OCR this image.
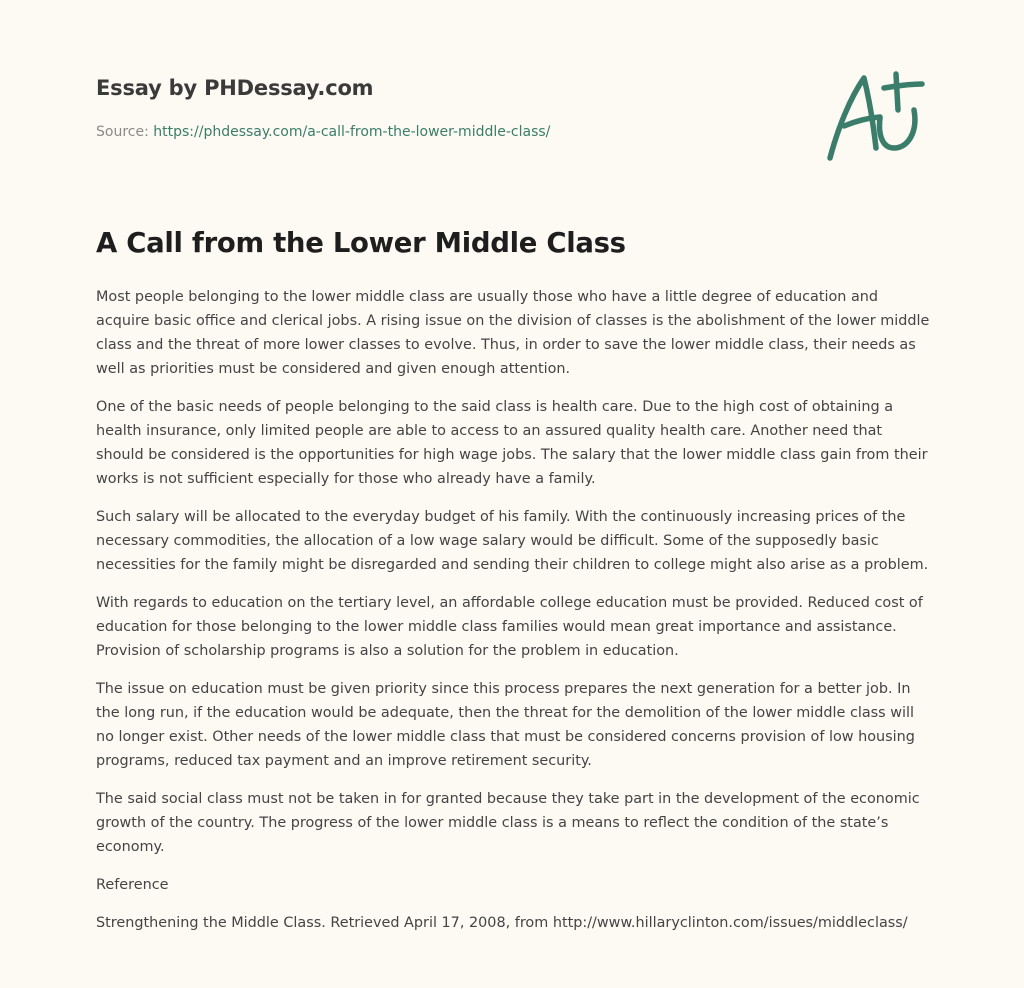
Essay by PHDessay.com
Source: https://phdessay.com/a-call-from-the-lower-middle-class/
A Call from the Lower Middle Class

Most people belonging to the lower middle class are usually those who have a little degree of education and acquire basic office and clerical jobs. A rising issue on the division of classes is the abolishment of the lower middle class and the threat of more lower classes to evolve. Thus, in order to save the lower middle class, their needs as well as priorities must be considered and given enough attention.

One of the basic needs of people belonging to the said class is health care. Due to the high cost of obtaining a health insurance, only limited people are able to access to an assured quality health care. Another need that should be considered is the opportunities for high wage jobs. The salary that the lower middle class gain from their works is not sufficient especially for those who already have a family.

Such salary will be allocated to the everyday budget of his family. With the continuously increasing prices of the necessary commodities, the allocation of a low wage salary would be difficult. Some of the supposedly basic necessities for the family might be disregarded and sending their children to college might also arise as a problem.

With regards to education on the tertiary level, an affordable college education must be provided. Reduced cost of education for those belonging to the lower middle class families would mean great importance and assistance. Provision of scholarship programs is also a solution for the problem in education.

The issue on education must be given priority since this process prepares the next generation for a better job. In the long run, if the education would be adequate, then the threat for the demolition of the lower middle class will no longer exist. Other needs of the lower middle class that must be considered concerns provision of low housing programs, reduced tax payment and an improve retirement security.

The said social class must not be taken in for granted because they take part in the development of the economic growth of the country. The progress of the lower middle class is a means to reflect the condition of the state’s economy.

Reference

Strengthening the Middle Class. Retrieved April 17, 2008, from http://www.hillaryclinton.com/issues/middleclass/
